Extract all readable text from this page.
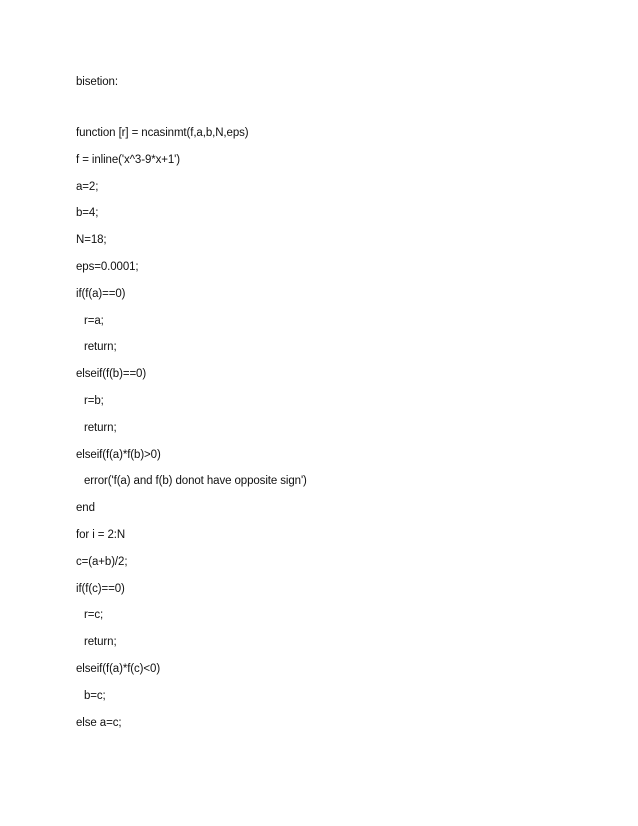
bisetion:
function [r] = ncasinmt(f,a,b,N,eps)
f = inline('x^3-9*x+1')
a=2;
b=4;
N=18;
eps=0.0001;
if(f(a)==0)
r=a;
return;
elseif(f(b)==0)
r=b;
return;
elseif(f(a)*f(b)>0)
error('f(a) and f(b) donot have opposite sign')
end
for i = 2:N
c=(a+b)/2;
if(f(c)==0)
r=c;
return;
elseif(f(a)*f(c)<0)
b=c;
else a=c;
